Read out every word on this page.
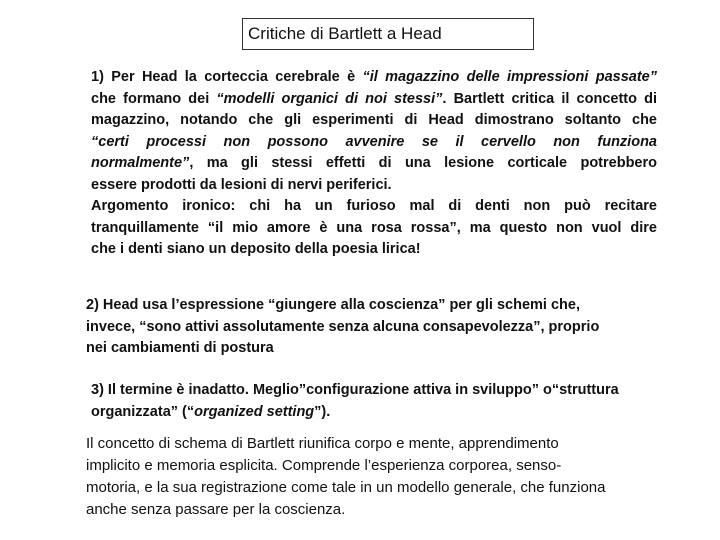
Critiche di Bartlett a Head
1) Per Head la corteccia cerebrale è “il magazzino delle impressioni passate”
che formano dei “modelli organici di noi stessi”. Bartlett critica il concetto di
magazzino, notando che gli esperimenti di Head dimostrano soltanto che
“certi processi non possono avvenire se il cervello non funziona
normalmente”, ma gli stessi effetti di una lesione corticale potrebbero
essere prodotti da lesioni di nervi periferici.
Argomento ironico: chi ha un furioso mal di denti non può recitare
tranquillamente “il mio amore è una rosa rossa”, ma questo non vuol dire
che i denti siano un deposito della poesia lirica!
2) Head usa l’espressione “giungere alla coscienza” per gli schemi che,
invece, “sono attivi assolutamente senza alcuna consapevolezza”, proprio
nei cambiamenti di postura
3) Il termine è inadatto. Meglio”configurazione attiva in sviluppo” o“struttura
organizzata” (“organized setting”).
Il concetto di schema di Bartlett riunifica corpo e mente, apprendimento
implicito e memoria esplicita. Comprende l’esperienza corporea, senso-
motoria, e la sua registrazione come tale in un modello generale, che funziona
anche senza passare per la coscienza.
